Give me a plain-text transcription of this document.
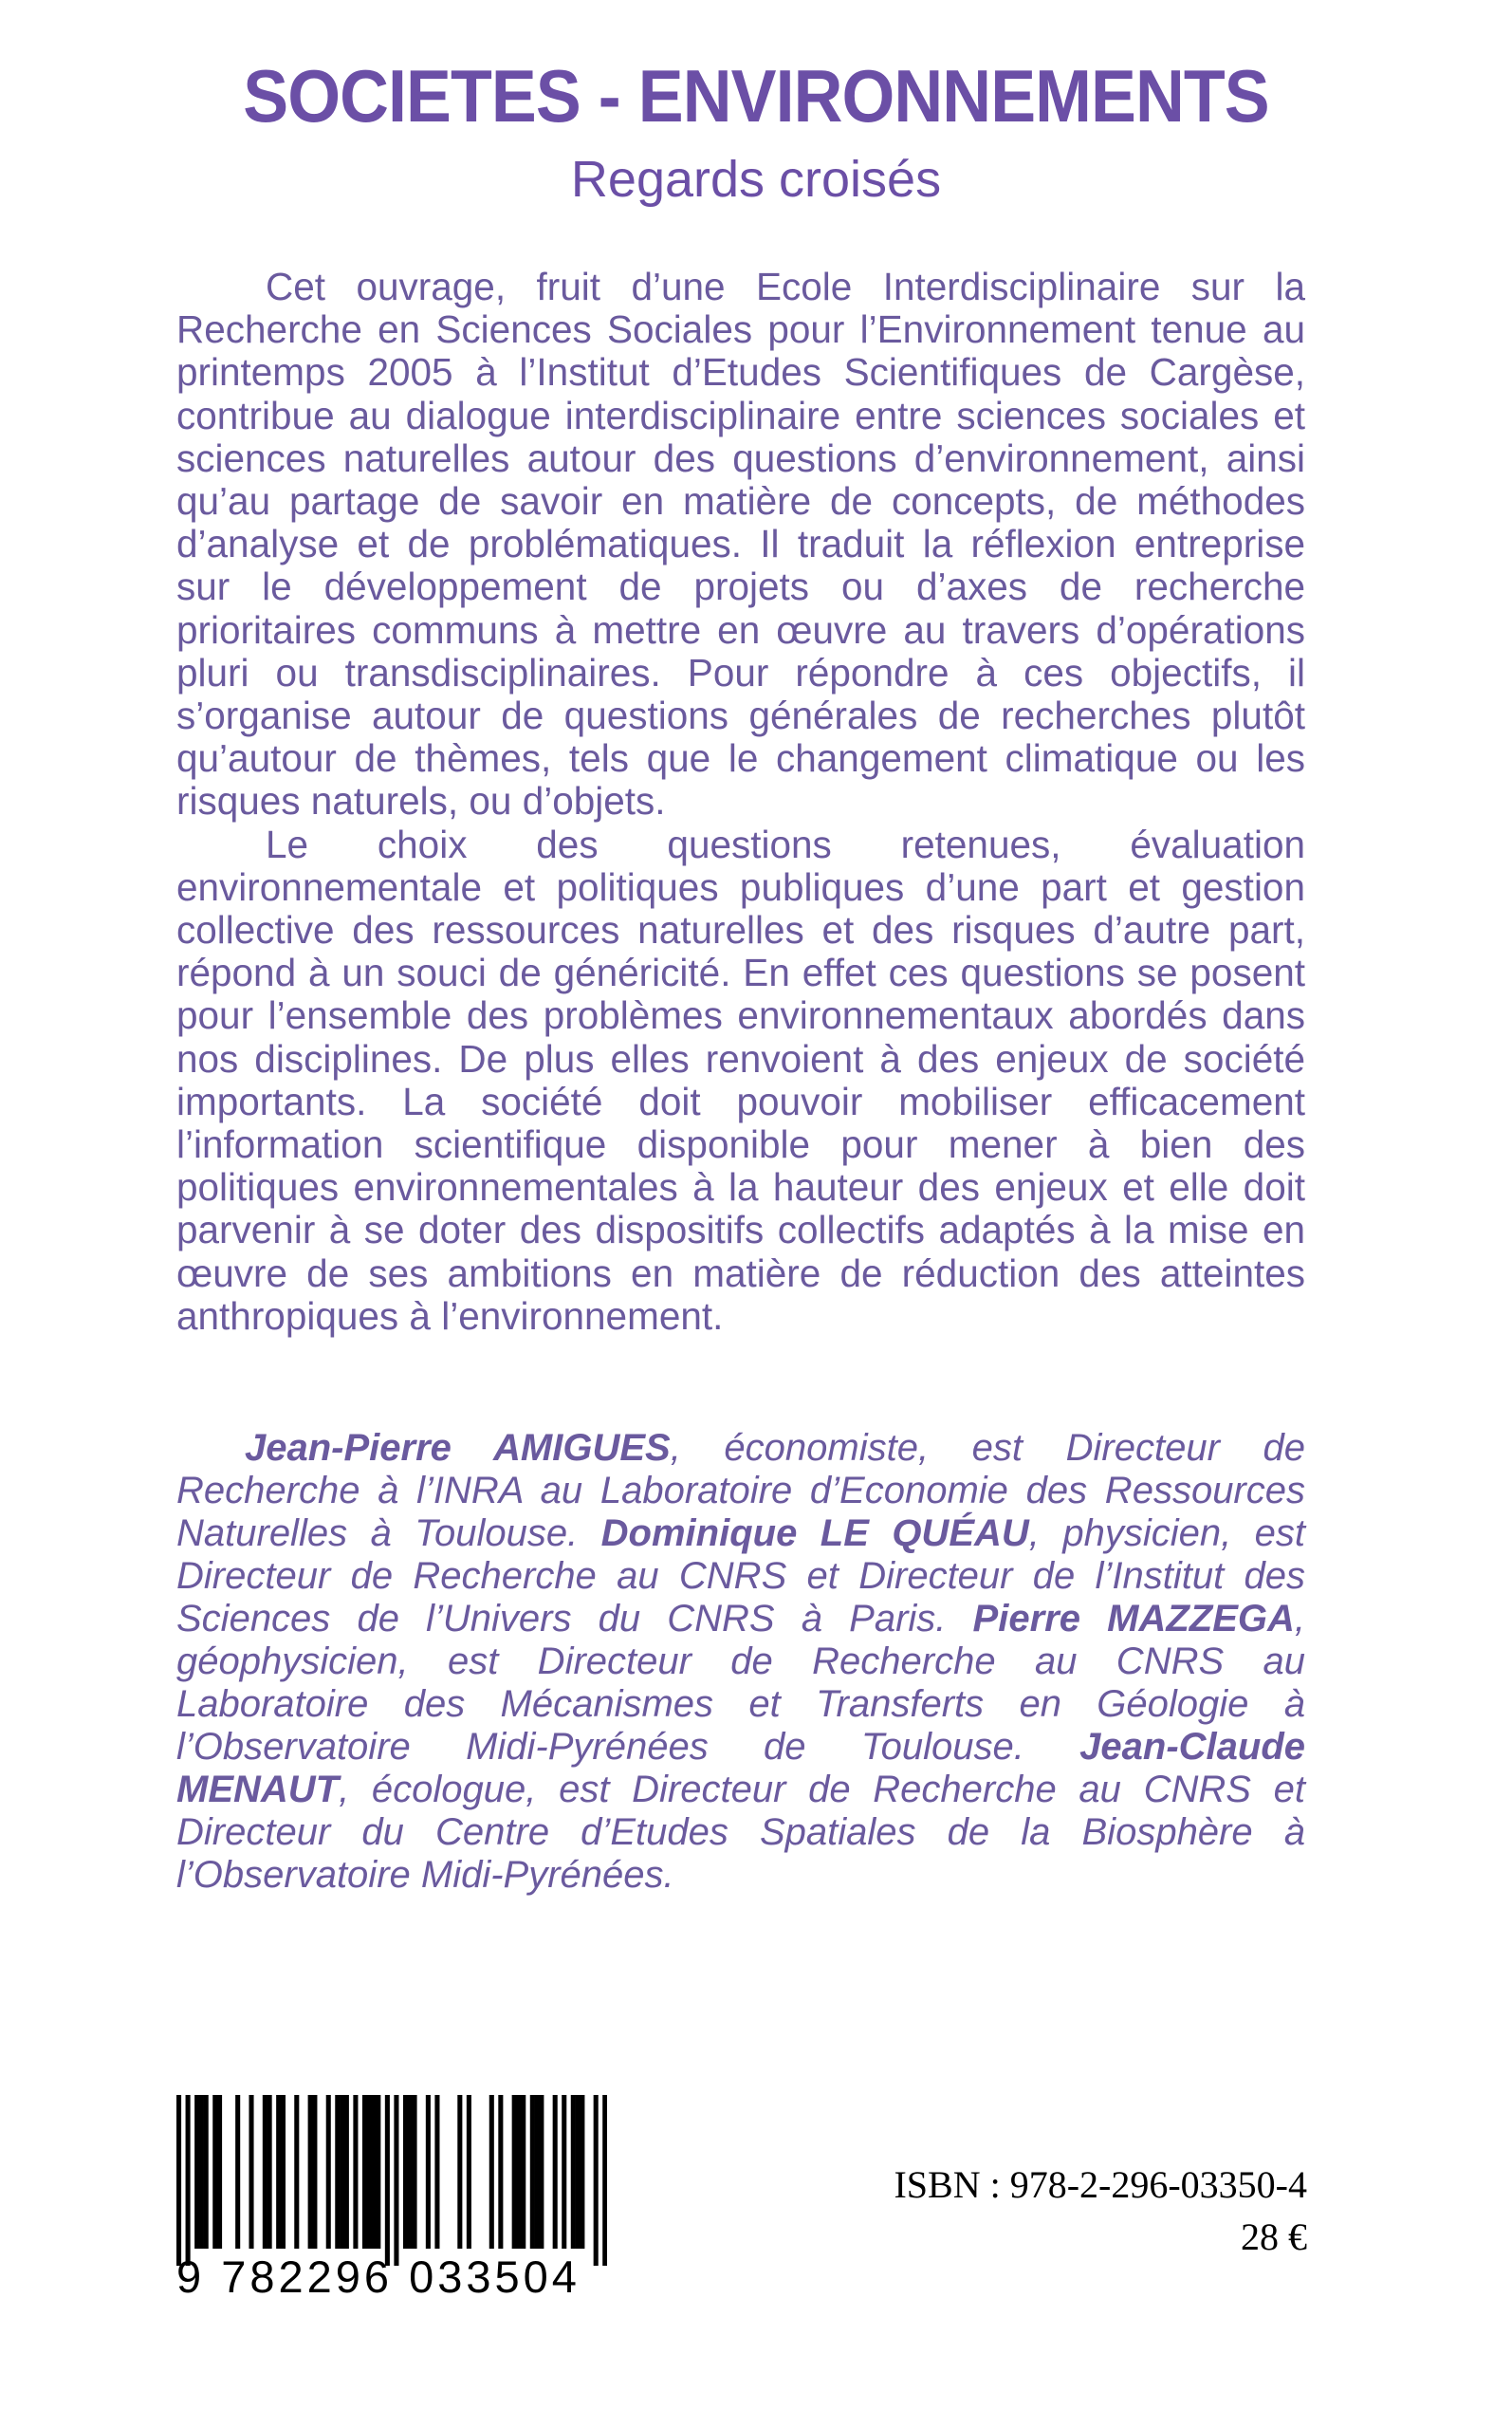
SOCIETES - ENVIRONNEMENTS
Regards croisés

Cet ouvrage, fruit d’une Ecole Interdisciplinaire sur la Recherche en Sciences Sociales pour l’Environnement tenue au printemps 2005 à l’Institut d’Etudes Scientifiques de Cargèse, contribue au dialogue interdisciplinaire entre sciences sociales et sciences naturelles autour des questions d’environnement, ainsi qu’au partage de savoir en matière de concepts, de méthodes d’analyse et de problématiques. Il traduit la réflexion entreprise sur le développement de projets ou d’axes de recherche prioritaires communs à mettre en œuvre au travers d’opérations pluri ou transdisciplinaires. Pour répondre à ces objectifs, il s’organise autour de questions générales de recherches plutôt qu’autour de thèmes, tels que le changement climatique ou les risques naturels, ou d’objets.

Le choix des questions retenues, évaluation environnementale et politiques publiques d’une part et gestion collective des ressources naturelles et des risques d’autre part, répond à un souci de généricité. En effet ces questions se posent pour l’ensemble des problèmes environnementaux abordés dans nos disciplines. De plus elles renvoient à des enjeux de société importants. La société doit pouvoir mobiliser efficacement l’information scientifique disponible pour mener à bien des politiques environnementales à la hauteur des enjeux et elle doit parvenir à se doter des dispositifs collectifs adaptés à la mise en œuvre de ses ambitions en matière de réduction des atteintes anthropiques à l’environnement.

Jean-Pierre AMIGUES, économiste, est Directeur de Recherche à l’INRA au Laboratoire d’Economie des Ressources Naturelles à Toulouse. Dominique LE QUÉAU, physicien, est Directeur de Recherche au CNRS et Directeur de l’Institut des Sciences de l’Univers du CNRS à Paris. Pierre MAZZEGA, géophysicien, est Directeur de Recherche au CNRS au Laboratoire des Mécanismes et Transferts en Géologie à l’Observatoire Midi-Pyrénées de Toulouse. Jean-Claude MENAUT, écologue, est Directeur de Recherche au CNRS et Directeur du Centre d’Etudes Spatiales de la Biosphère à l’Observatoire Midi-Pyrénées.

9 782296 033504
ISBN : 978-2-296-03350-4
28 €
